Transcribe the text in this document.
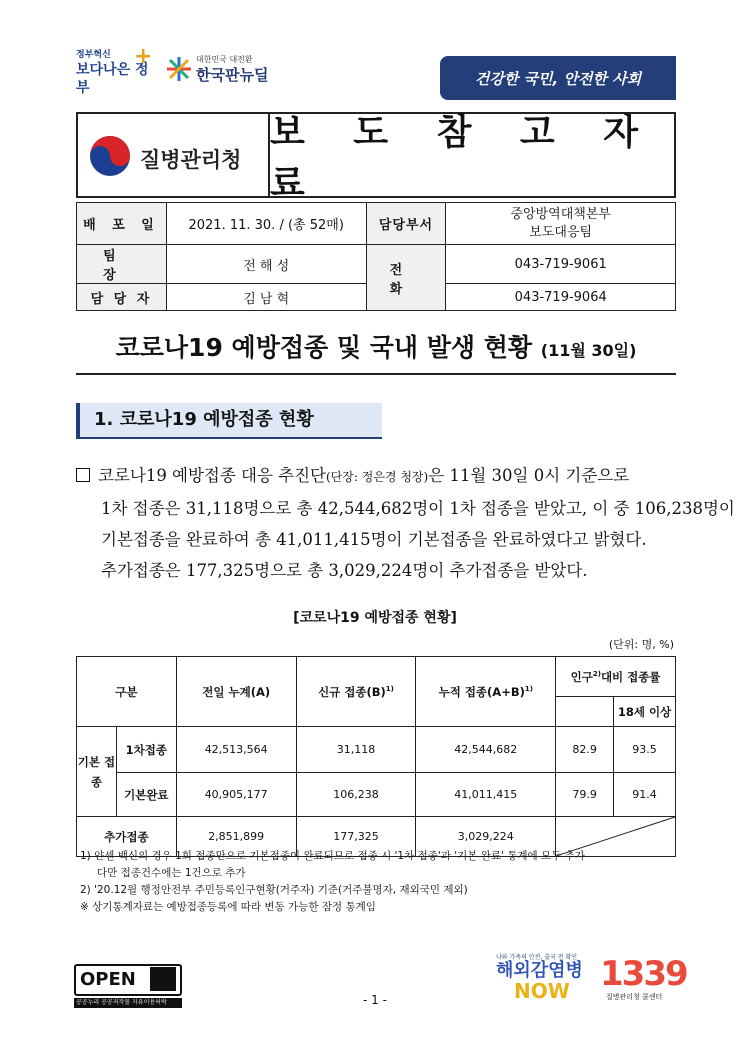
정부혁신
보다나은 정부
+	대한민국 대전환
한국판뉴딜	건강한 국민, 안전한 사회
질병관리청
보 도 참 고 자 료
배 포 일	2021. 11. 30. / (총 52매)	담당부서	중앙방역대책본부
보도대응팀

팀 장	전 해 성	전 화	043-719-9061
담 당 자	김 남 혁		043-719-9064
코로나19 예방접종 및 국내 발생 현황 (11월 30일)
1. 코로나19 예방접종 현황
코로나19 예방접종 대응 추진단(단장: 정은경 청장)은 11월 30일 0시 기준으로
1차 접종은 31,118명으로 총 42,544,682명이 1차 접종을 받았고, 이 중 106,238명이
기본접종을 완료하여 총 41,011,415명이 기본접종을 완료하였다고 밝혔다.
추가접종은 177,325명으로 총 3,029,224명이 추가접종을 받았다.
[코로나19 예방접종 현황]
(단위: 명, %)
구분		전일 누계(A)	신규 접종$(B)^{1)}$	누적 접종$(A+B)^{1)}$	인구$^{2)}$대비 접종률	
						18세 이상
기본 접종	1차접종	42,513,564	31,118	42,544,682	82.9	93.5
	기본완료	40,905,177	106,238	41,011,415	79.9	91.4
추가접종		2,851,899	177,325	3,029,224	
1) 얀센 백신의 경우 1회 접종만으로 기본접종이 완료되므로 접종 시 '1차 접종'과 '기본 완료' 통계에 모두 추가
다만 접종건수에는 1건으로 추가
2) '20.12월 행정안전부 주민등록인구현황(거주자) 기준(거주불명자, 재외국민 제외)
※ 상기통계자료는 예방접종등록에 따라 변동 가능한 잠정 통계임
OPEN
공공누리 공공저작물 자유이용허락	- 1 -
나와 가족의 안전, 출국 전 확인
해외감염병
NOW 1339
질병관리청 콜센터
